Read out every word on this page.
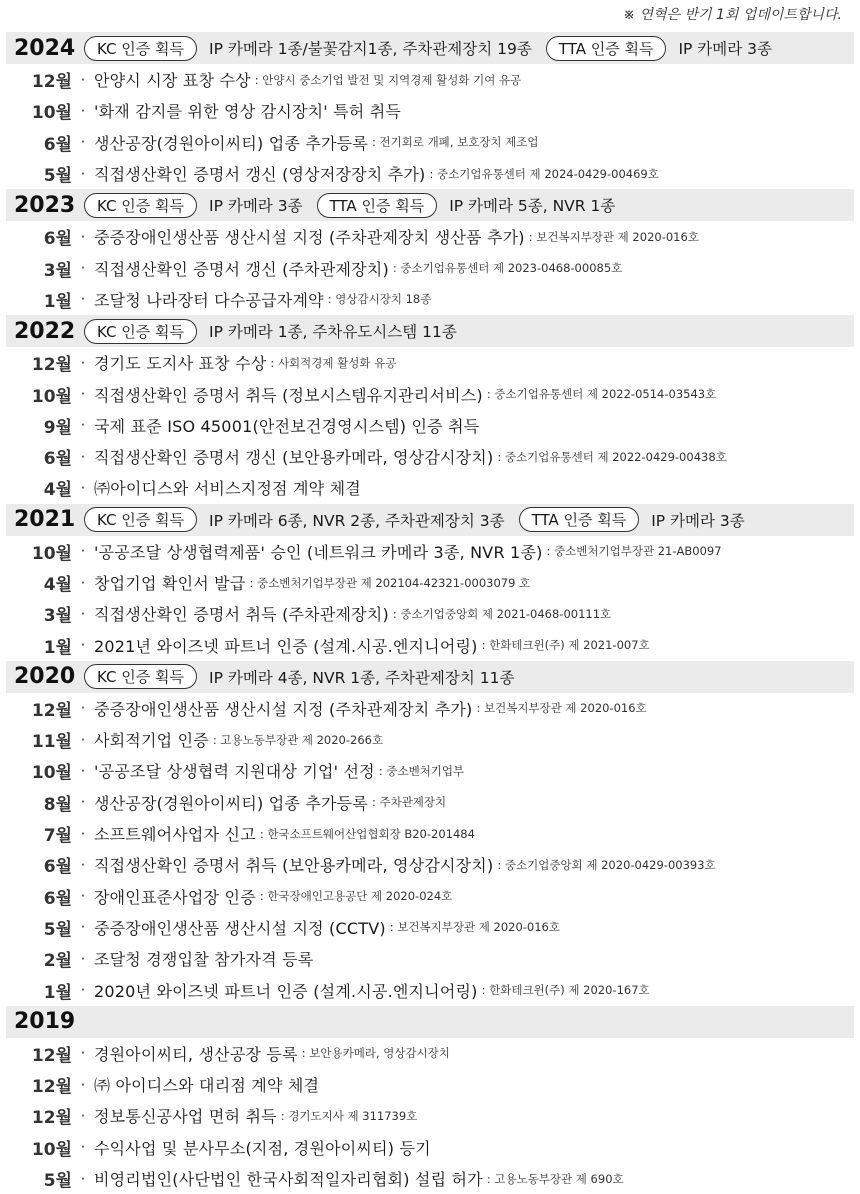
※ 연혁은 반기 1회 업데이트합니다.
2024	KC 인증 획득	IP 카메라 1종/불꽃감지1종, 주차관제장치 19종	TTA 인증 획득	IP 카메라 3종
12월 · 안양시 시장 표창 수상 : 안양시 중소기업 발전 및 지역경제 활성화 기여 유공
10월 · '화재 감지를 위한 영상 감시장치' 특허 취득
6월 · 생산공장(경원아이씨티) 업종 추가등록 : 전기회로 개폐, 보호장치 제조업
5월 · 직접생산확인 증명서 갱신 (영상저장장치 추가) : 중소기업유통센터 제 2024-0429-00469호
2023	KC 인증 획득	IP 카메라 3종	TTA 인증 획득	IP 카메라 5종, NVR 1종
6월 · 중증장애인생산품 생산시설 지정 (주차관제장치 생산품 추가) : 보건복지부장관 제 2020-016호
3월 · 직접생산확인 증명서 갱신 (주차관제장치) : 중소기업유통센터 제 2023-0468-00085호
1월 · 조달청 나라장터 다수공급자계약 : 영상감시장치 18종
2022	KC 인증 획득	IP 카메라 1종, 주차유도시스템 11종
12월 · 경기도 도지사 표창 수상 : 사회적경제 활성화 유공
10월 · 직접생산확인 증명서 취득 (정보시스템유지관리서비스) : 중소기업유통센터 제 2022-0514-03543호
9월 · 국제 표준 ISO 45001(안전보건경영시스템) 인증 취득
6월 · 직접생산확인 증명서 갱신 (보안용카메라, 영상감시장치) : 중소기업유통센터 제 2022-0429-00438호
4월 · ㈜아이디스와 서비스지정점 계약 체결
2021	KC 인증 획득	IP 카메라 6종, NVR 2종, 주차관제장치 3종	TTA 인증 획득	IP 카메라 3종
10월 · '공공조달 상생협력제품' 승인 (네트워크 카메라 3종, NVR 1종) : 중소벤처기업부장관 21-AB0097
4월 · 창업기업 확인서 발급 : 중소벤처기업부장관 제 202104-42321-0003079 호
3월 · 직접생산확인 증명서 취득 (주차관제장치) : 중소기업중앙회 제 2021-0468-00111호
1월 · 2021년 와이즈넷 파트너 인증 (설계.시공.엔지니어링) : 한화테크윈(주) 제 2021-007호
2020	KC 인증 획득	IP 카메라 4종, NVR 1종, 주차관제장치 11종
12월 · 중증장애인생산품 생산시설 지정 (주차관제장치 추가) : 보건복지부장관 제 2020-016호
11월 · 사회적기업 인증 : 고용노동부장관 제 2020-266호
10월 · '공공조달 상생협력 지원대상 기업' 선정 : 중소벤처기업부
8월 · 생산공장(경원아이씨티) 업종 추가등록 : 주차관제장치
7월 · 소프트웨어사업자 신고 : 한국소프트웨어산업협회장 B20-201484
6월 · 직접생산확인 증명서 취득 (보안용카메라, 영상감시장치) : 중소기업중앙회 제 2020-0429-00393호
6월 · 장애인표준사업장 인증 : 한국장애인고용공단 제 2020-024호
5월 · 중증장애인생산품 생산시설 지정 (CCTV) : 보건복지부장관 제 2020-016호
2월 · 조달청 경쟁입찰 참가자격 등록
1월 · 2020년 와이즈넷 파트너 인증 (설계.시공.엔지니어링) : 한화테크윈(주) 제 2020-167호
2019
12월 · 경원아이씨티, 생산공장 등록 : 보안용카메라, 영상감시장치
12월 · ㈜ 아이디스와 대리점 계약 체결
12월 · 정보통신공사업 면허 취득 : 경기도지사 제 311739호
10월 · 수익사업 및 분사무소(지점, 경원아이씨티) 등기
5월 · 비영리법인(사단법인 한국사회적일자리협회) 설립 허가 : 고용노동부장관 제 690호
